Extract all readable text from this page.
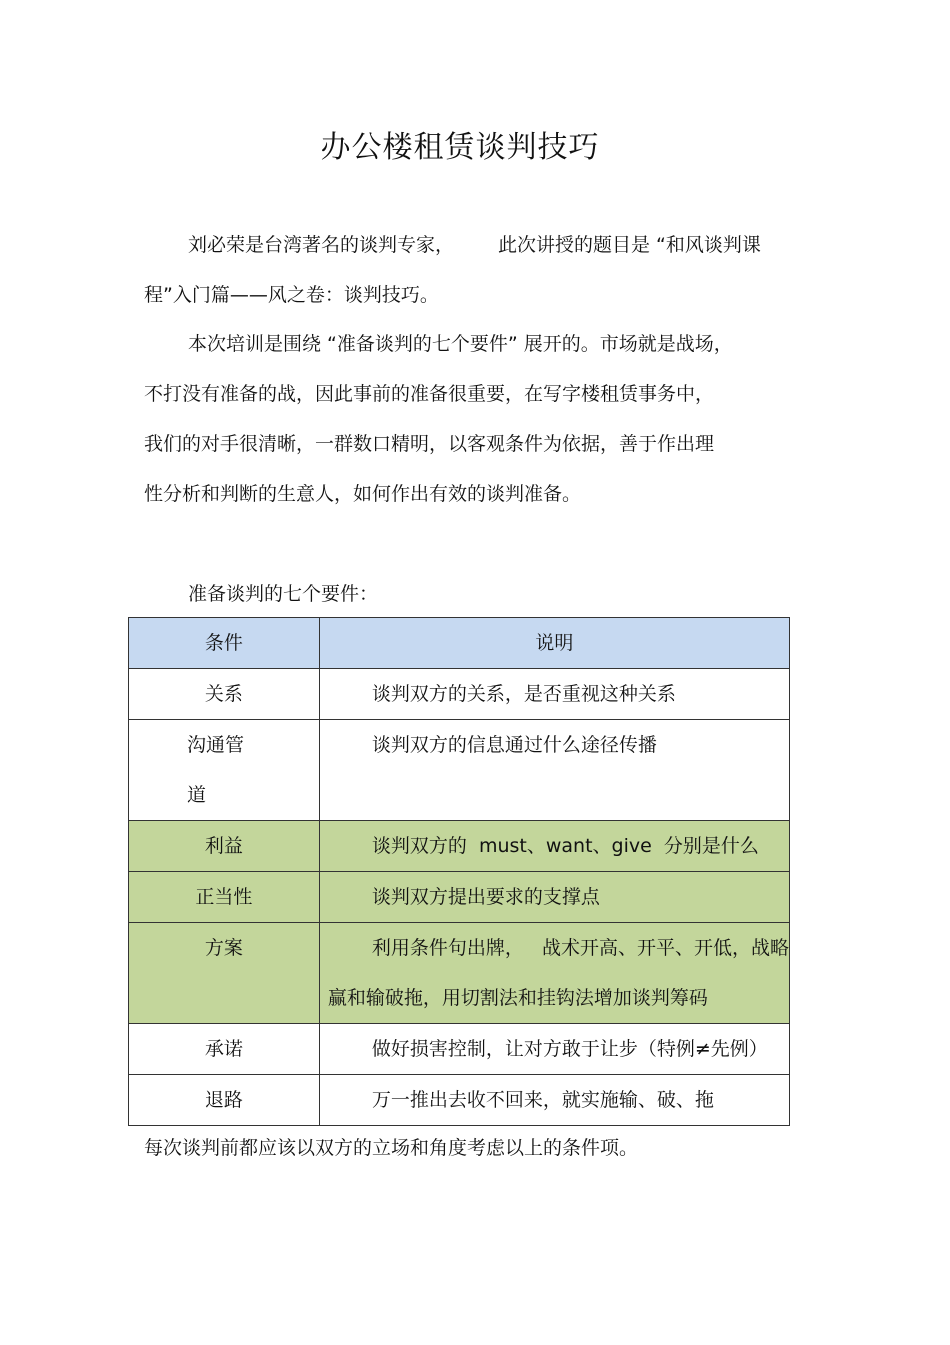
办公楼租赁谈判技巧
刘必荣是台湾著名的谈判专家， 此次讲授的题目是 “和风谈判课
程”入门篇——风之卷：谈判技巧。
本次培训是围绕 “准备谈判的七个要件” 展开的。市场就是战场，
不打没有准备的战，因此事前的准备很重要，在写字楼租赁事务中，
我们的对手很清晰，一群数口精明，以客观条件为依据，善于作出理
性分析和判断的生意人，如何作出有效的谈判准备。
准备谈判的七个要件：
条件	说明

关系	谈判双方的关系，是否重视这种关系

沟通管
道	谈判双方的信息通过什么途径传播

利益	谈判双方的  must、want、give  分别是什么

正当性	谈判双方提出要求的支撑点

方案	利用条件句出牌，   战术开高、开平、开低，战略
赢和输破拖，用切割法和挂钩法增加谈判筹码

承诺	做好损害控制，让对方敢于让步（特例≠先例）

退路	万一推出去收不回来，就实施输、破、拖
每次谈判前都应该以双方的立场和角度考虑以上的条件项。
